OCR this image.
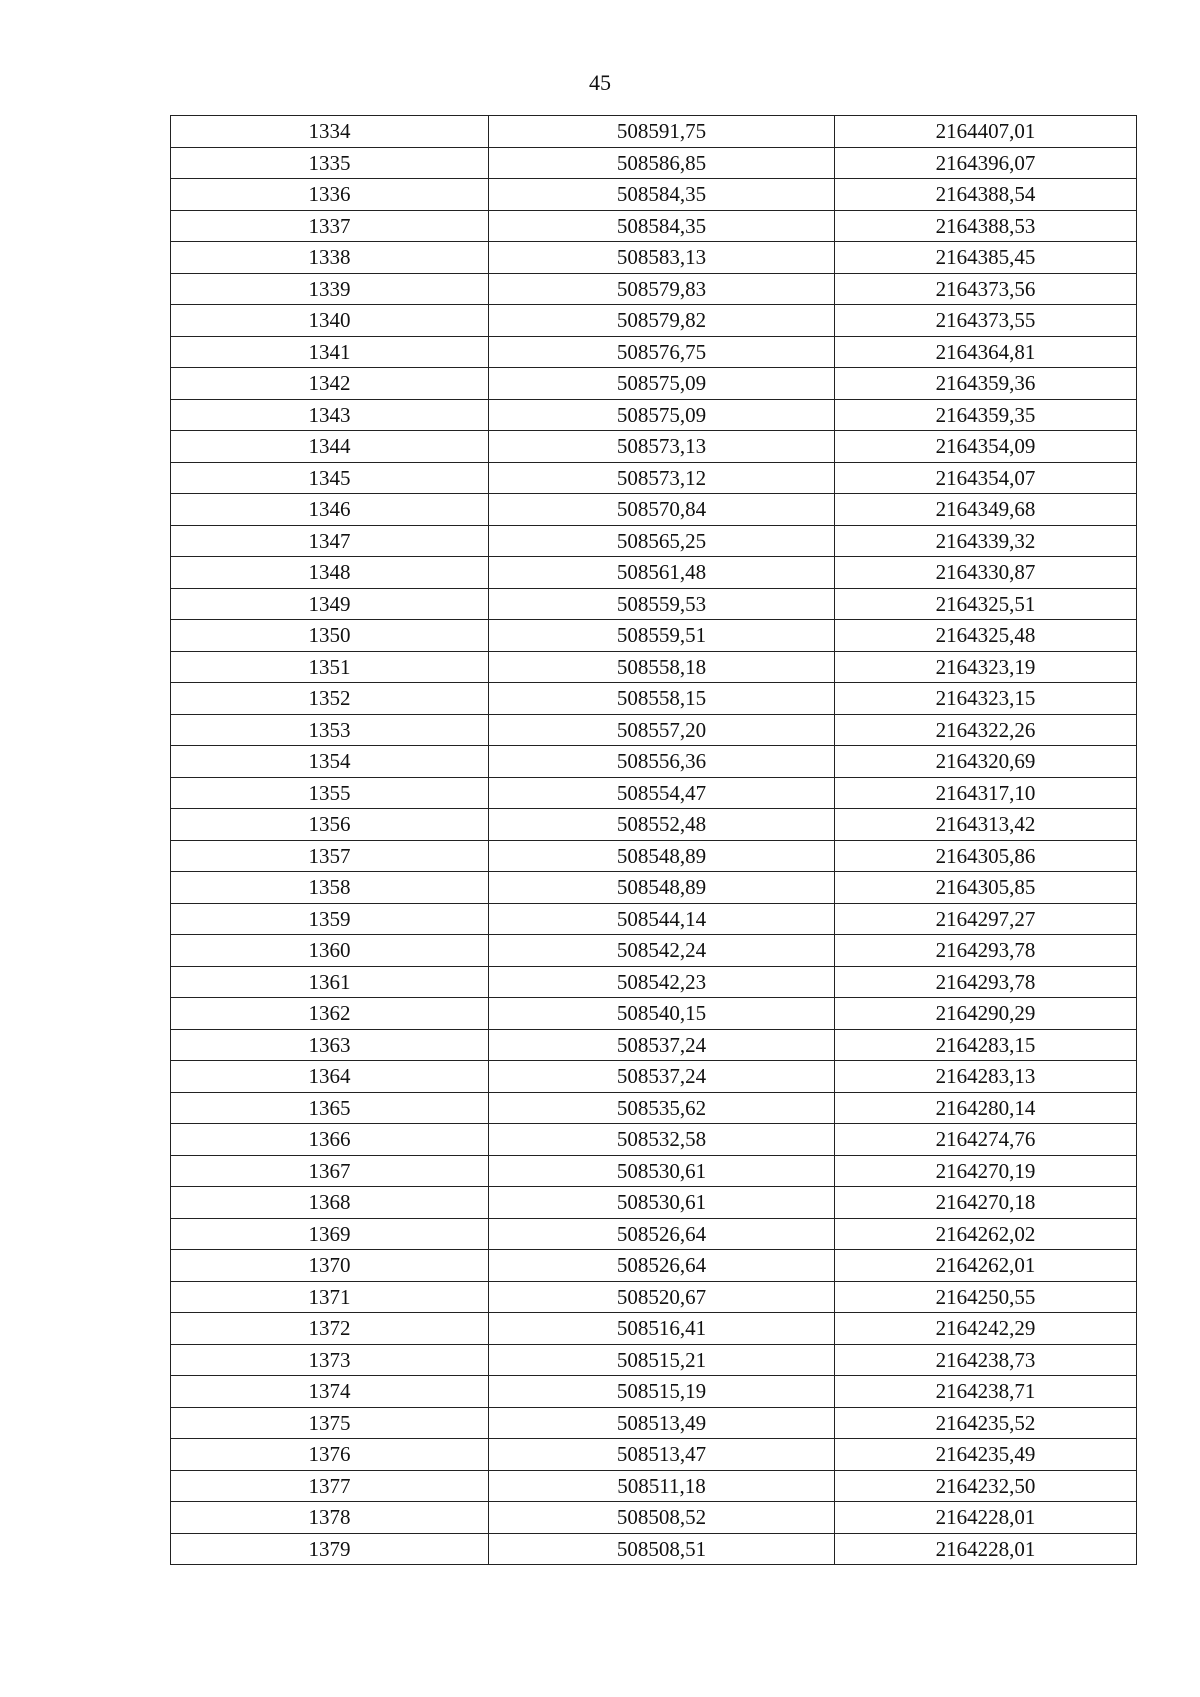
45
1334	508591,75	2164407,01
1335	508586,85	2164396,07
1336	508584,35	2164388,54
1337	508584,35	2164388,53
1338	508583,13	2164385,45
1339	508579,83	2164373,56
1340	508579,82	2164373,55
1341	508576,75	2164364,81
1342	508575,09	2164359,36
1343	508575,09	2164359,35
1344	508573,13	2164354,09
1345	508573,12	2164354,07
1346	508570,84	2164349,68
1347	508565,25	2164339,32
1348	508561,48	2164330,87
1349	508559,53	2164325,51
1350	508559,51	2164325,48
1351	508558,18	2164323,19
1352	508558,15	2164323,15
1353	508557,20	2164322,26
1354	508556,36	2164320,69
1355	508554,47	2164317,10
1356	508552,48	2164313,42
1357	508548,89	2164305,86
1358	508548,89	2164305,85
1359	508544,14	2164297,27
1360	508542,24	2164293,78
1361	508542,23	2164293,78
1362	508540,15	2164290,29
1363	508537,24	2164283,15
1364	508537,24	2164283,13
1365	508535,62	2164280,14
1366	508532,58	2164274,76
1367	508530,61	2164270,19
1368	508530,61	2164270,18
1369	508526,64	2164262,02
1370	508526,64	2164262,01
1371	508520,67	2164250,55
1372	508516,41	2164242,29
1373	508515,21	2164238,73
1374	508515,19	2164238,71
1375	508513,49	2164235,52
1376	508513,47	2164235,49
1377	508511,18	2164232,50
1378	508508,52	2164228,01
1379	508508,51	2164228,01
